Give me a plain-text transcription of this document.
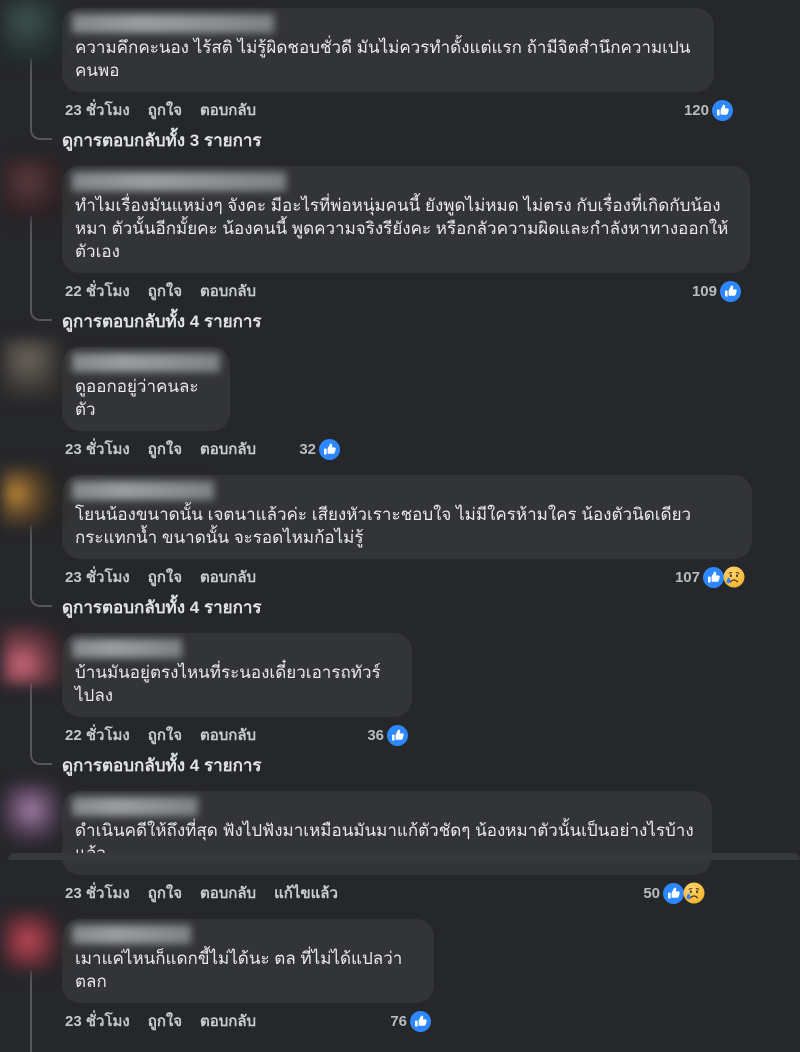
ความคึกคะนอง ไร้สติ ไม่รู้ผิดชอบชั่วดี มันไม่ควรทำดั้งแต่แรก ถ้ามีจิตสำนึกความเปนคนพอ
23 ชั่วโมง ถูกใจ ตอบกลับ	120
ดูการตอบกลับทั้ง 3 รายการ
ทำไมเรื่องมันแหม่งๆ จังคะ มีอะไรที่พ่อหนุ่มคนนี้ ยังพูดไม่หมด ไม่ตรง กับเรื่องที่เกิดกับน้องหมา ตัวนั้นอีกมั้ยคะ น้องคนนี้ พูดความจริงรียังคะ หรือกลัวความผิดและกำลังหาทางออกให้ตัวเอง
22 ชั่วโมง ถูกใจ ตอบกลับ	109
ดูการตอบกลับทั้ง 4 รายการ
ดูออกอยู่ว่าคนละตัว
23 ชั่วโมง ถูกใจ ตอบกลับ	32
โยนน้องขนาดนั้น เจตนาแล้วค่ะ เสียงหัวเราะชอบใจ ไม่มีใครห้ามใคร น้องตัวนิดเดียวกระแทกน้ำ ขนาดนั้น จะรอดไหมก้อไม่รู้
23 ชั่วโมง ถูกใจ ตอบกลับ	107
ดูการตอบกลับทั้ง 4 รายการ
บ้านมันอยู่ตรงไหนที่ระนองเดี๋ยวเอารถทัวร์ไปลง
22 ชั่วโมง ถูกใจ ตอบกลับ	36
ดูการตอบกลับทั้ง 4 รายการ
ดำเนินคดีให้ถึงที่สุด ฟังไปฟังมาเหมือนมันมาแก้ตัวชัดๆ น้องหมาตัวนั้นเป็นอย่างไรบ้าง
23 ชั่วโมง ถูกใจ ตอบกลับ แก้ไขแล้ว	50
เมาแค่ไหนก็แดกขี้ไม่ได้นะ ตล ที่ไม่ได้แปลว่า ตลก
23 ชั่วโมง ถูกใจ ตอบกลับ	76
